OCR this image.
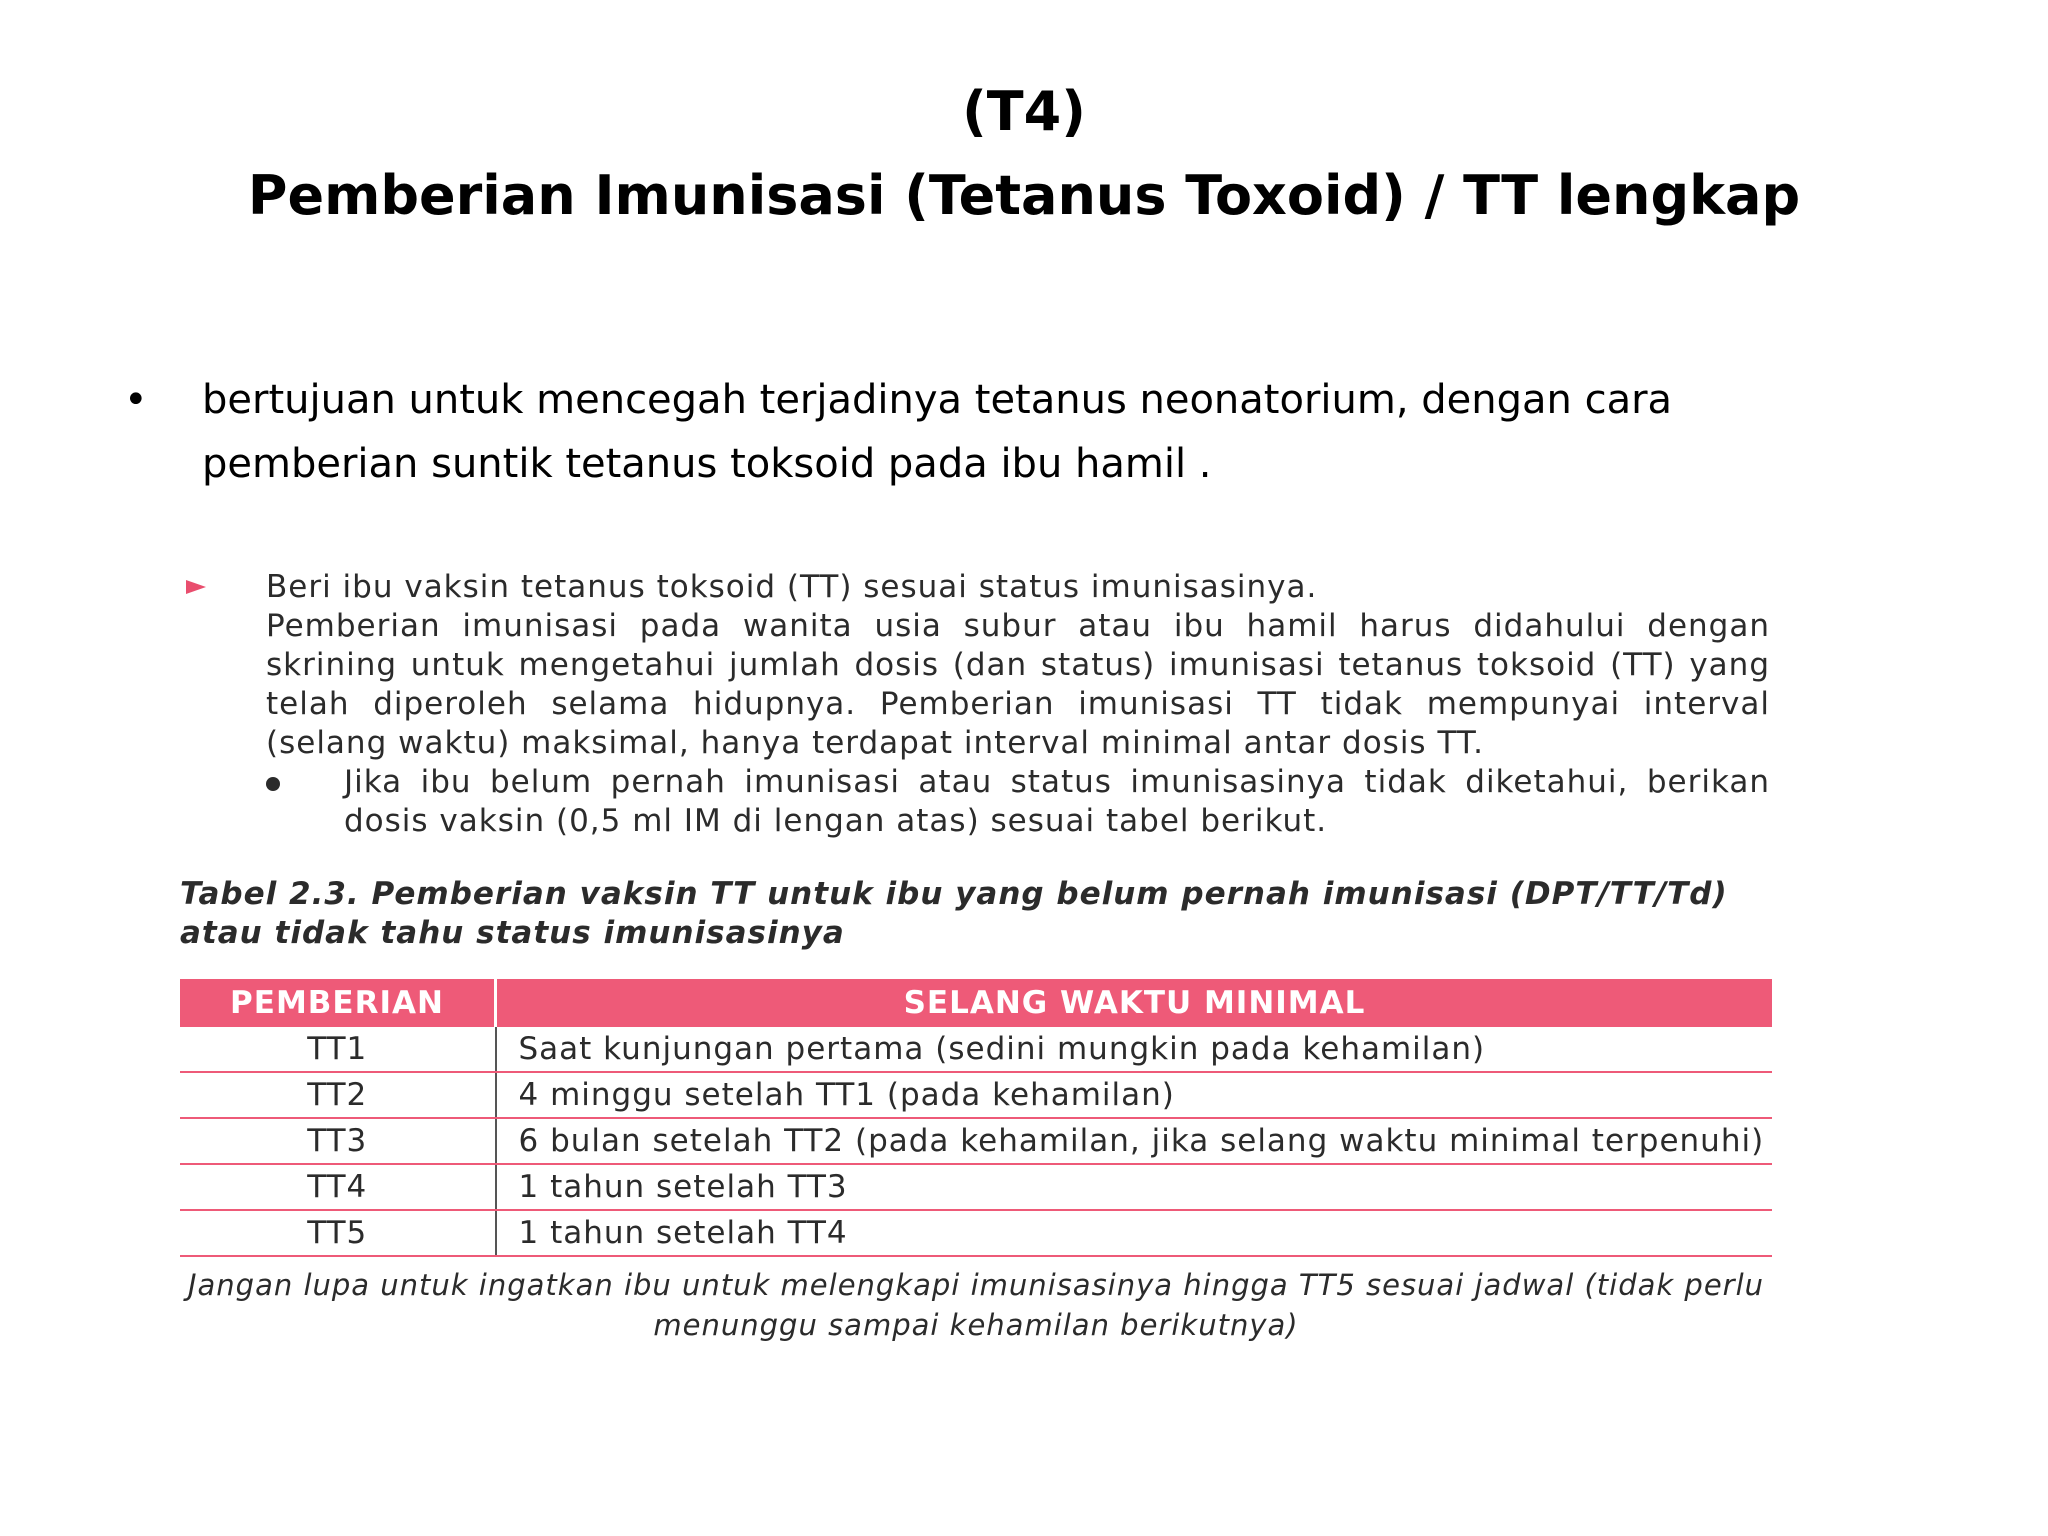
(T4)
Pemberian Imunisasi (Tetanus Toxoid) / TT lengkap
•	bertujuan untuk mencegah terjadinya tetanus neonatorium, dengan cara pemberian suntik tetanus toksoid pada ibu hamil .

Beri ibu vaksin tetanus toksoid (TT) sesuai status imunisasinya.

Pemberian imunisasi pada wanita usia subur atau ibu hamil harus didahului dengan skrining untuk mengetahui jumlah dosis (dan status) imunisasi tetanus toksoid (TT) yang telah diperoleh selama hidupnya. Pemberian imunisasi TT tidak mempunyai interval (selang waktu) maksimal, hanya terdapat interval minimal antar dosis TT.

Jika ibu belum pernah imunisasi atau status imunisasinya tidak diketahui, berikan dosis vaksin (0,5 ml IM di lengan atas) sesuai tabel berikut.

Tabel 2.3. Pemberian vaksin TT untuk ibu yang belum pernah imunisasi (DPT/TT/Td) atau tidak tahu status imunisasinya
PEMBERIAN	SELANG WAKTU MINIMAL
TT1	Saat kunjungan pertama (sedini mungkin pada kehamilan)
TT2	4 minggu setelah TT1 (pada kehamilan)
TT3	6 bulan setelah TT2 (pada kehamilan, jika selang waktu minimal terpenuhi)
TT4	1 tahun setelah TT3
TT5	1 tahun setelah TT4
Jangan lupa untuk ingatkan ibu untuk melengkapi imunisasinya hingga TT5 sesuai jadwal (tidak perlu menunggu sampai kehamilan berikutnya)
